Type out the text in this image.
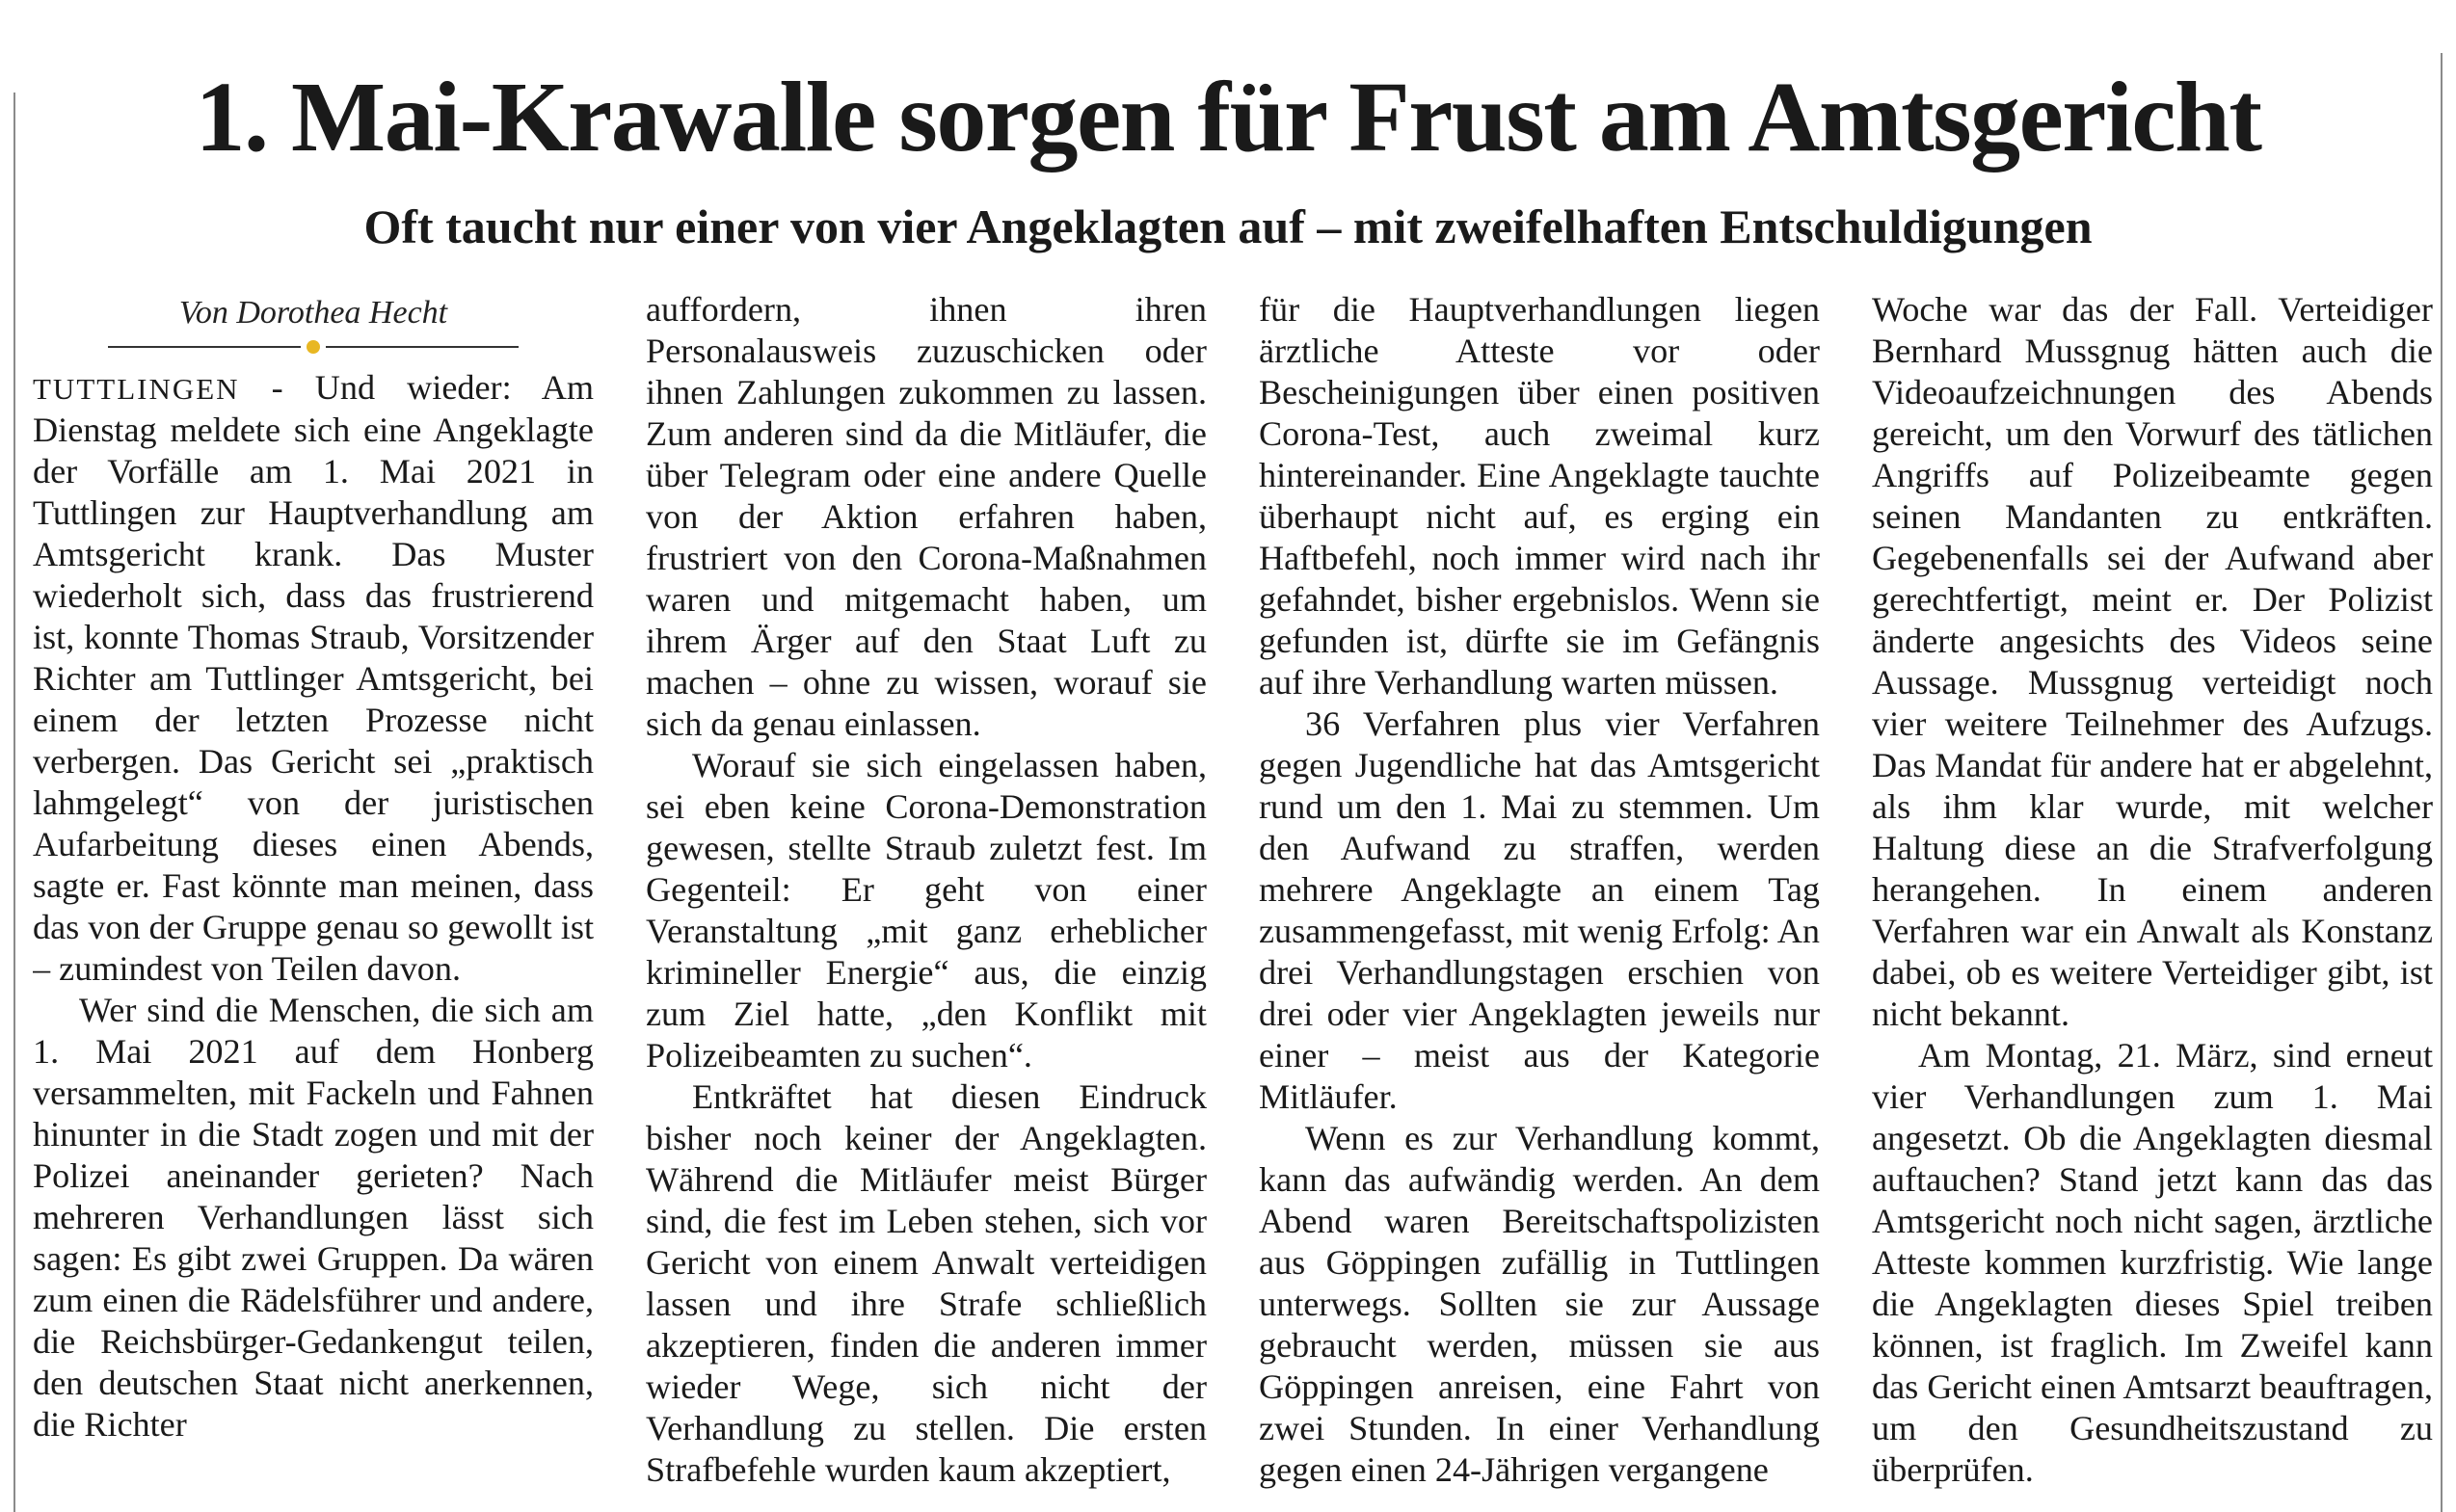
1. Mai-Krawalle sorgen für Frust am Amtsgericht
Oft taucht nur einer von vier Angeklagten auf – mit zweifelhaften Entschuldigungen
Von Dorothea Hecht

TUTTLINGEN - Und wieder: Am Dienstag meldete sich eine Angeklagte der Vorfälle am 1. Mai 2021 in Tuttlingen zur Hauptverhandlung am Amtsgericht krank. Das Muster wiederholt sich, dass das frustrierend ist, konnte Thomas Straub, Vorsitzender Richter am Tuttlinger Amtsgericht, bei einem der letzten Prozesse nicht verbergen. Das Gericht sei „praktisch lahmgelegt“ von der juristischen Aufarbeitung dieses einen Abends, sagte er. Fast könnte man meinen, dass das von der Gruppe genau so gewollt ist – zumindest von Teilen davon.

Wer sind die Menschen, die sich am 1. Mai 2021 auf dem Honberg versammelten, mit Fackeln und Fahnen hinunter in die Stadt zogen und mit der Polizei aneinander gerieten? Nach mehreren Verhandlungen lässt sich sagen: Es gibt zwei Gruppen. Da wären zum einen die Rädelsführer und andere, die Reichsbürger-Gedankengut teilen, den deutschen Staat nicht anerkennen, die Richter

auffordern, ihnen ihren Personalausweis zuzuschicken oder ihnen Zahlungen zukommen zu lassen. Zum anderen sind da die Mitläufer, die über Telegram oder eine andere Quelle von der Aktion erfahren haben, frustriert von den Corona-Maßnahmen waren und mitgemacht haben, um ihrem Ärger auf den Staat Luft zu machen – ohne zu wissen, worauf sie sich da genau einlassen.

Worauf sie sich eingelassen haben, sei eben keine Corona-Demonstration gewesen, stellte Straub zuletzt fest. Im Gegenteil: Er geht von einer Veranstaltung „mit ganz erheblicher krimineller Energie“ aus, die einzig zum Ziel hatte, „den Konflikt mit Polizeibeamten zu suchen“.

Entkräftet hat diesen Eindruck bisher noch keiner der Angeklagten. Während die Mitläufer meist Bürger sind, die fest im Leben stehen, sich vor Gericht von einem Anwalt verteidigen lassen und ihre Strafe schließlich akzeptieren, finden die anderen immer wieder Wege, sich nicht der Verhandlung zu stellen. Die ersten Strafbefehle wurden kaum akzeptiert,

für die Hauptverhandlungen liegen ärztliche Atteste vor oder Bescheinigungen über einen positiven Corona-Test, auch zweimal kurz hintereinander. Eine Angeklagte tauchte überhaupt nicht auf, es erging ein Haftbefehl, noch immer wird nach ihr gefahndet, bisher ergebnislos. Wenn sie gefunden ist, dürfte sie im Gefängnis auf ihre Verhandlung warten müssen.

36 Verfahren plus vier Verfahren gegen Jugendliche hat das Amtsgericht rund um den 1. Mai zu stemmen. Um den Aufwand zu straffen, werden mehrere Angeklagte an einem Tag zusammengefasst, mit wenig Erfolg: An drei Verhandlungstagen erschien von drei oder vier Angeklagten jeweils nur einer – meist aus der Kategorie Mitläufer.

Wenn es zur Verhandlung kommt, kann das aufwändig werden. An dem Abend waren Bereitschaftspolizisten aus Göppingen zufällig in Tuttlingen unterwegs. Sollten sie zur Aussage gebraucht werden, müssen sie aus Göppingen anreisen, eine Fahrt von zwei Stunden. In einer Verhandlung gegen einen 24-Jährigen vergangene

Woche war das der Fall. Verteidiger Bernhard Mussgnug hätten auch die Videoaufzeichnungen des Abends gereicht, um den Vorwurf des tätlichen Angriffs auf Polizeibeamte gegen seinen Mandanten zu entkräften. Gegebenenfalls sei der Aufwand aber gerechtfertigt, meint er. Der Polizist änderte angesichts des Videos seine Aussage. Mussgnug verteidigt noch vier weitere Teilnehmer des Aufzugs. Das Mandat für andere hat er abgelehnt, als ihm klar wurde, mit welcher Haltung diese an die Strafverfolgung herangehen. In einem anderen Verfahren war ein Anwalt als Konstanz dabei, ob es weitere Verteidiger gibt, ist nicht bekannt.

Am Montag, 21. März, sind erneut vier Verhandlungen zum 1. Mai angesetzt. Ob die Angeklagten diesmal auftauchen? Stand jetzt kann das das Amtsgericht noch nicht sagen, ärztliche Atteste kommen kurzfristig. Wie lange die Angeklagten dieses Spiel treiben können, ist fraglich. Im Zweifel kann das Gericht einen Amtsarzt beauftragen, um den Gesundheitszustand zu überprüfen.
